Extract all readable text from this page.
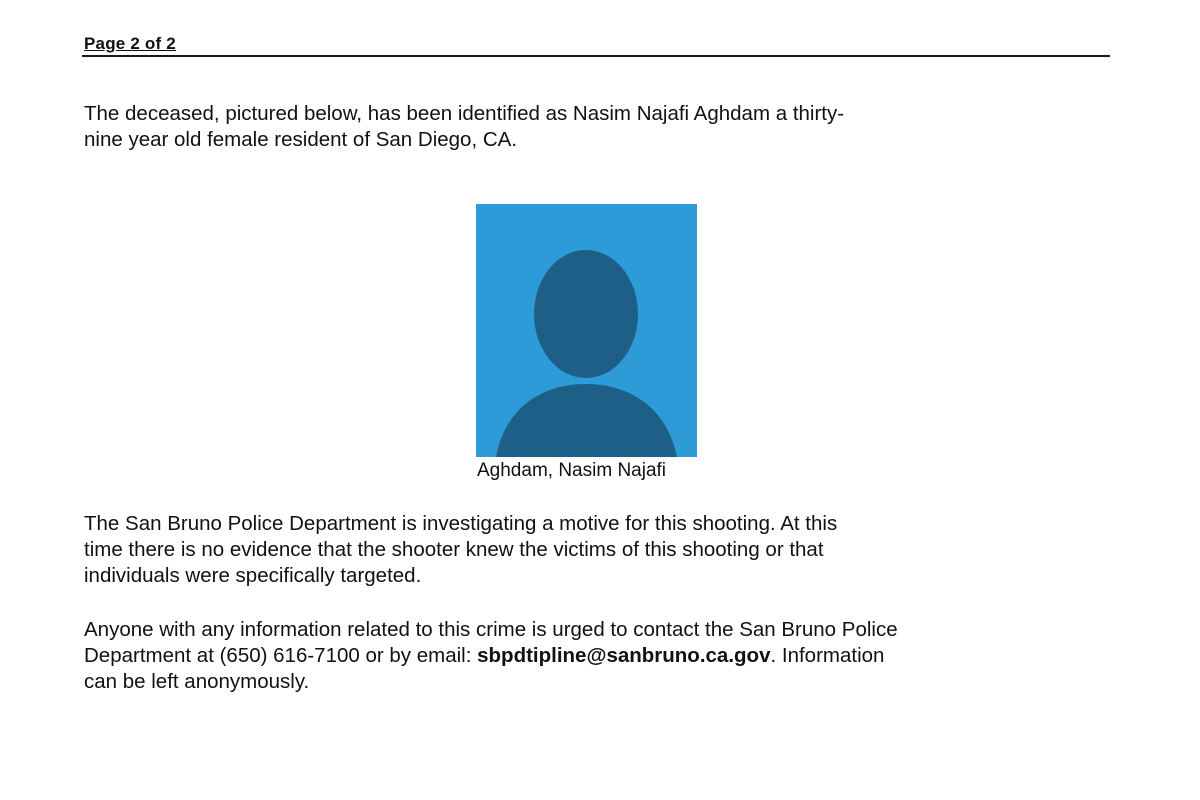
Page 2 of 2

The deceased, pictured below, has been identified as Nasim Najafi Aghdam a thirty-
nine year old female resident of San Diego, CA.

Aghdam, Nasim Najafi

The San Bruno Police Department is investigating a motive for this shooting. At this
time there is no evidence that the shooter knew the victims of this shooting or that
individuals were specifically targeted.

Anyone with any information related to this crime is urged to contact the San Bruno Police
Department at (650) 616-7100 or by email: sbpdtipline@sanbruno.ca.gov. Information
can be left anonymously.
